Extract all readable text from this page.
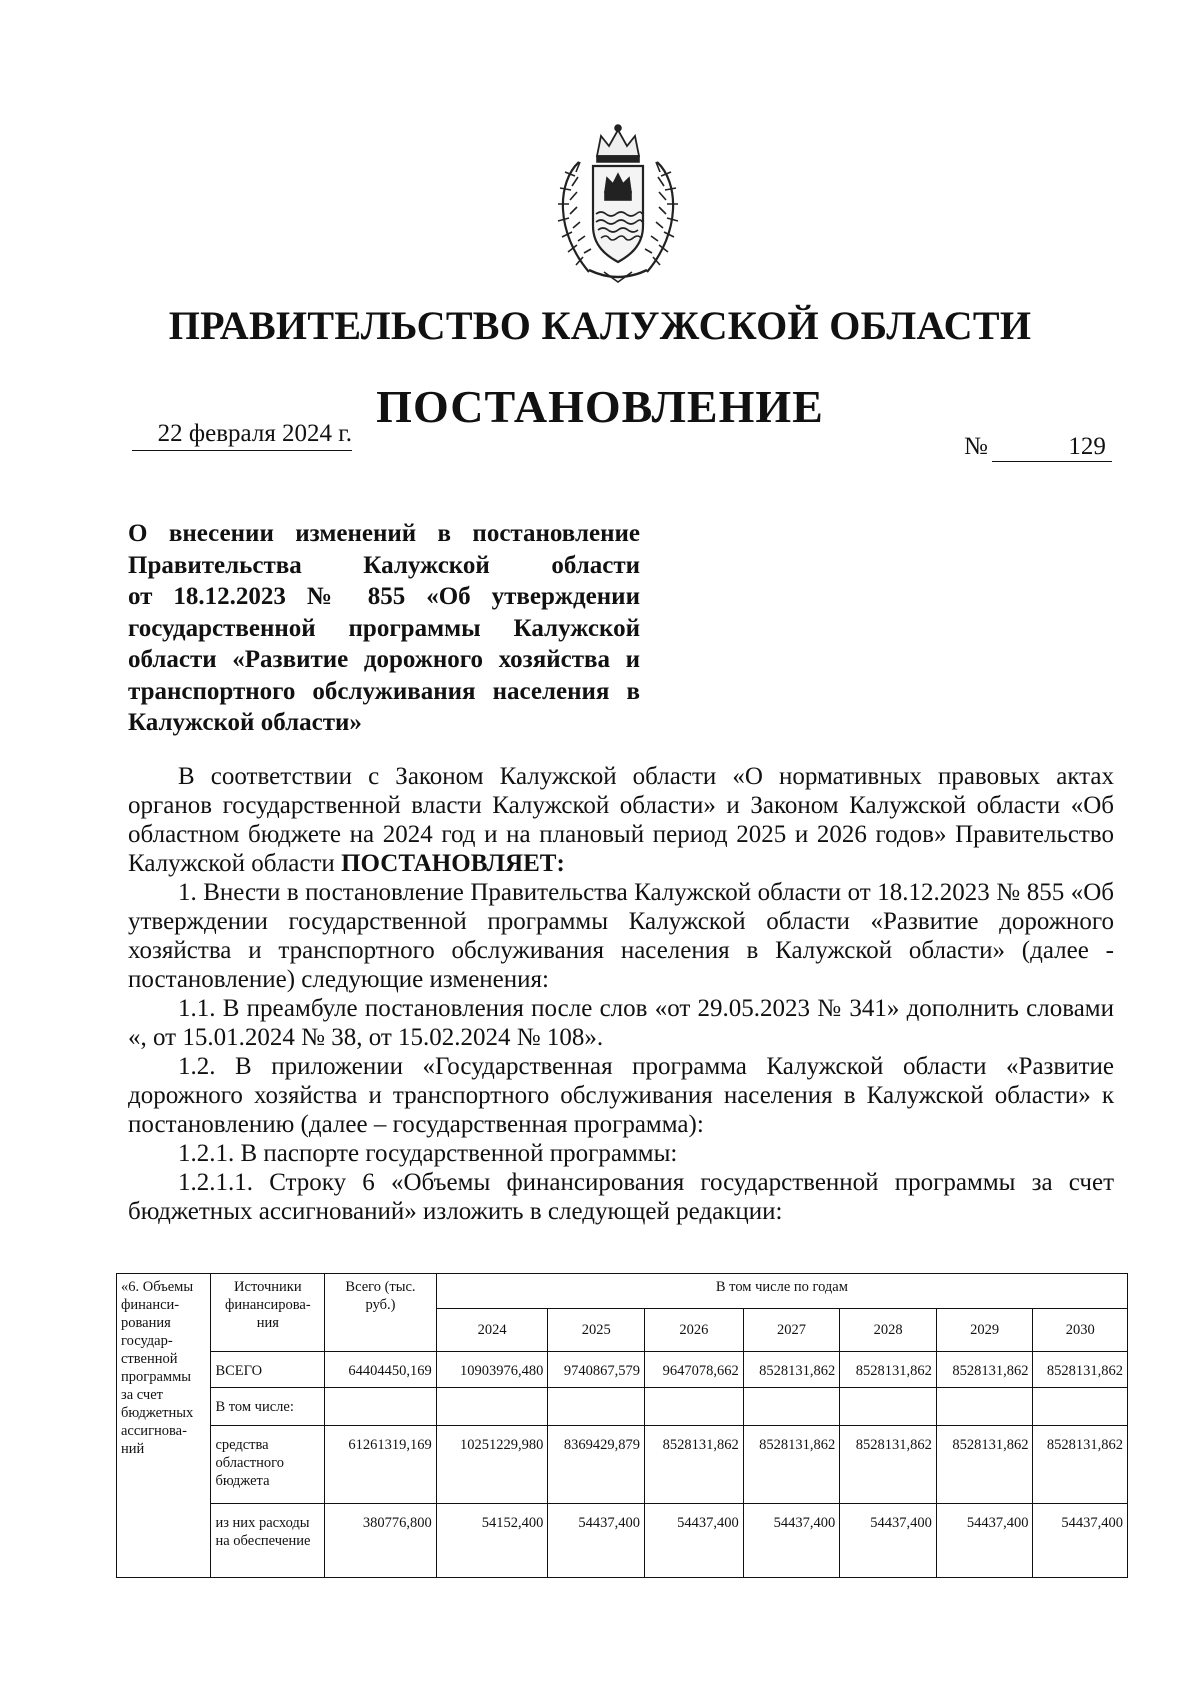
ПРАВИТЕЛЬСТВО КАЛУЖСКОЙ ОБЛАСТИ
ПОСТАНОВЛЕНИЕ
22 февраля 2024 г.	№	129
О внесении изменений в постановление
Правительства Калужской области
от 18.12.2023 № 855 «Об утверждении
государственной программы Калужской
области «Развитие дорожного хозяйства и
транспортного обслуживания населения в
Калужской области»

В соответствии с Законом Калужской области «О нормативных правовых актах органов государственной власти Калужской области» и Законом Калужской области «Об областном бюджете на 2024 год и на плановый период 2025 и 2026 годов» Правительство Калужской области ПОСТАНОВЛЯЕТ:

1. Внести в постановление Правительства Калужской области от 18.12.2023 № 855 «Об утверждении государственной программы Калужской области «Развитие дорожного хозяйства и транспортного обслуживания населения в Калужской области» (далее - постановление) следующие изменения:

1.1. В преамбуле постановления после слов «от 29.05.2023 № 341» дополнить словами «, от 15.01.2024 № 38, от 15.02.2024 № 108».

1.2. В приложении «Государственная программа Калужской области «Развитие дорожного хозяйства и транспортного обслуживания населения в Калужской области» к постановлению (далее – государственная программа):

1.2.1. В паспорте государственной программы:

1.2.1.1. Строку 6 «Объемы финансирования государственной программы за счет бюджетных ассигнований» изложить в следующей редакции:

«6. Объемы финанси-рования государ-ственной программы за счет бюджетных ассигнова-ний	Источники финансирова-ния	Всего (тыс. руб.)	В том числе по годам						
			2024	2025	2026	2027	2028	2029	2030
	ВСЕГО	64404450,169	10903976,480	9740867,579	9647078,662	8528131,862	8528131,862	8528131,862	8528131,862
	В том числе:								
	средства областного бюджета	61261319,169	10251229,980	8369429,879	8528131,862	8528131,862	8528131,862	8528131,862	8528131,862
	из них расходы на обеспечение	380776,800	54152,400	54437,400	54437,400	54437,400	54437,400	54437,400	54437,400
